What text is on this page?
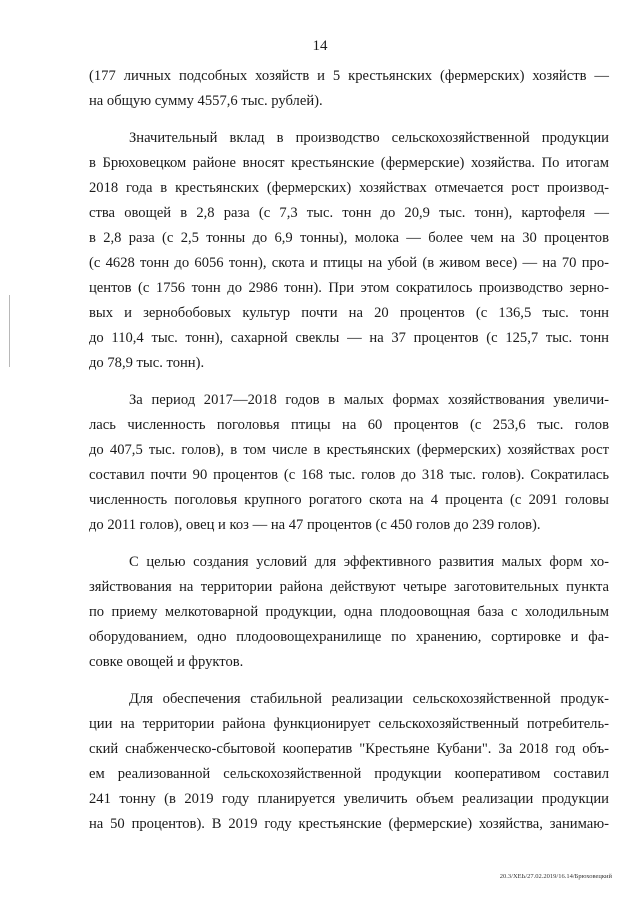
14
(177 личных подсобных хозяйств и 5 крестьянских (фермерских) хозяйств —
на общую сумму 4557,6 тыс. рублей).
Значительный вклад в производство сельскохозяйственной продукции
в Брюховецком районе вносят крестьянские (фермерские) хозяйства. По итогам
2018 года в крестьянских (фермерских) хозяйствах отмечается рост производ-
ства овощей в 2,8 раза (с 7,3 тыс. тонн до 20,9 тыс. тонн), картофеля —
в 2,8 раза (с 2,5 тонны до 6,9 тонны), молока — более чем на 30 процентов
(с 4628 тонн до 6056 тонн), скота и птицы на убой (в живом весе) — на 70 про-
центов (с 1756 тонн до 2986 тонн). При этом сократилось производство зерно-
вых и зернобобовых культур почти на 20 процентов (с 136,5 тыс. тонн
до 110,4 тыс. тонн), сахарной свеклы — на 37 процентов (с 125,7 тыс. тонн
до 78,9 тыс. тонн).
За период 2017—2018 годов в малых формах хозяйствования увеличи-
лась численность поголовья птицы на 60 процентов (с 253,6 тыс. голов
до 407,5 тыс. голов), в том числе в крестьянских (фермерских) хозяйствах рост
составил почти 90 процентов (с 168 тыс. голов до 318 тыс. голов). Сократилась
численность поголовья крупного рогатого скота на 4 процента (с 2091 головы
до 2011 голов), овец и коз — на 47 процентов (с 450 голов до 239 голов).
С целью создания условий для эффективного развития малых форм хо-
зяйствования на территории района действуют четыре заготовительных пункта
по приему мелкотоварной продукции, одна плодоовощная база с холодильным
оборудованием, одно плодоовощехранилище по хранению, сортировке и фа-
совке овощей и фруктов.
Для обеспечения стабильной реализации сельскохозяйственной продук-
ции на территории района функционирует сельскохозяйственный потребитель-
ский снабженческо-сбытовой кооператив "Крестьяне Кубани". За 2018 год объ-
ем реализованной сельскохозяйственной продукции кооперативом составил
241 тонну (в 2019 году планируется увеличить объем реализации продукции
на 50 процентов). В 2019 году крестьянские (фермерские) хозяйства, занимаю-
20.3/ХЕЬ/27.02.2019/16.14/Брюховецкий
